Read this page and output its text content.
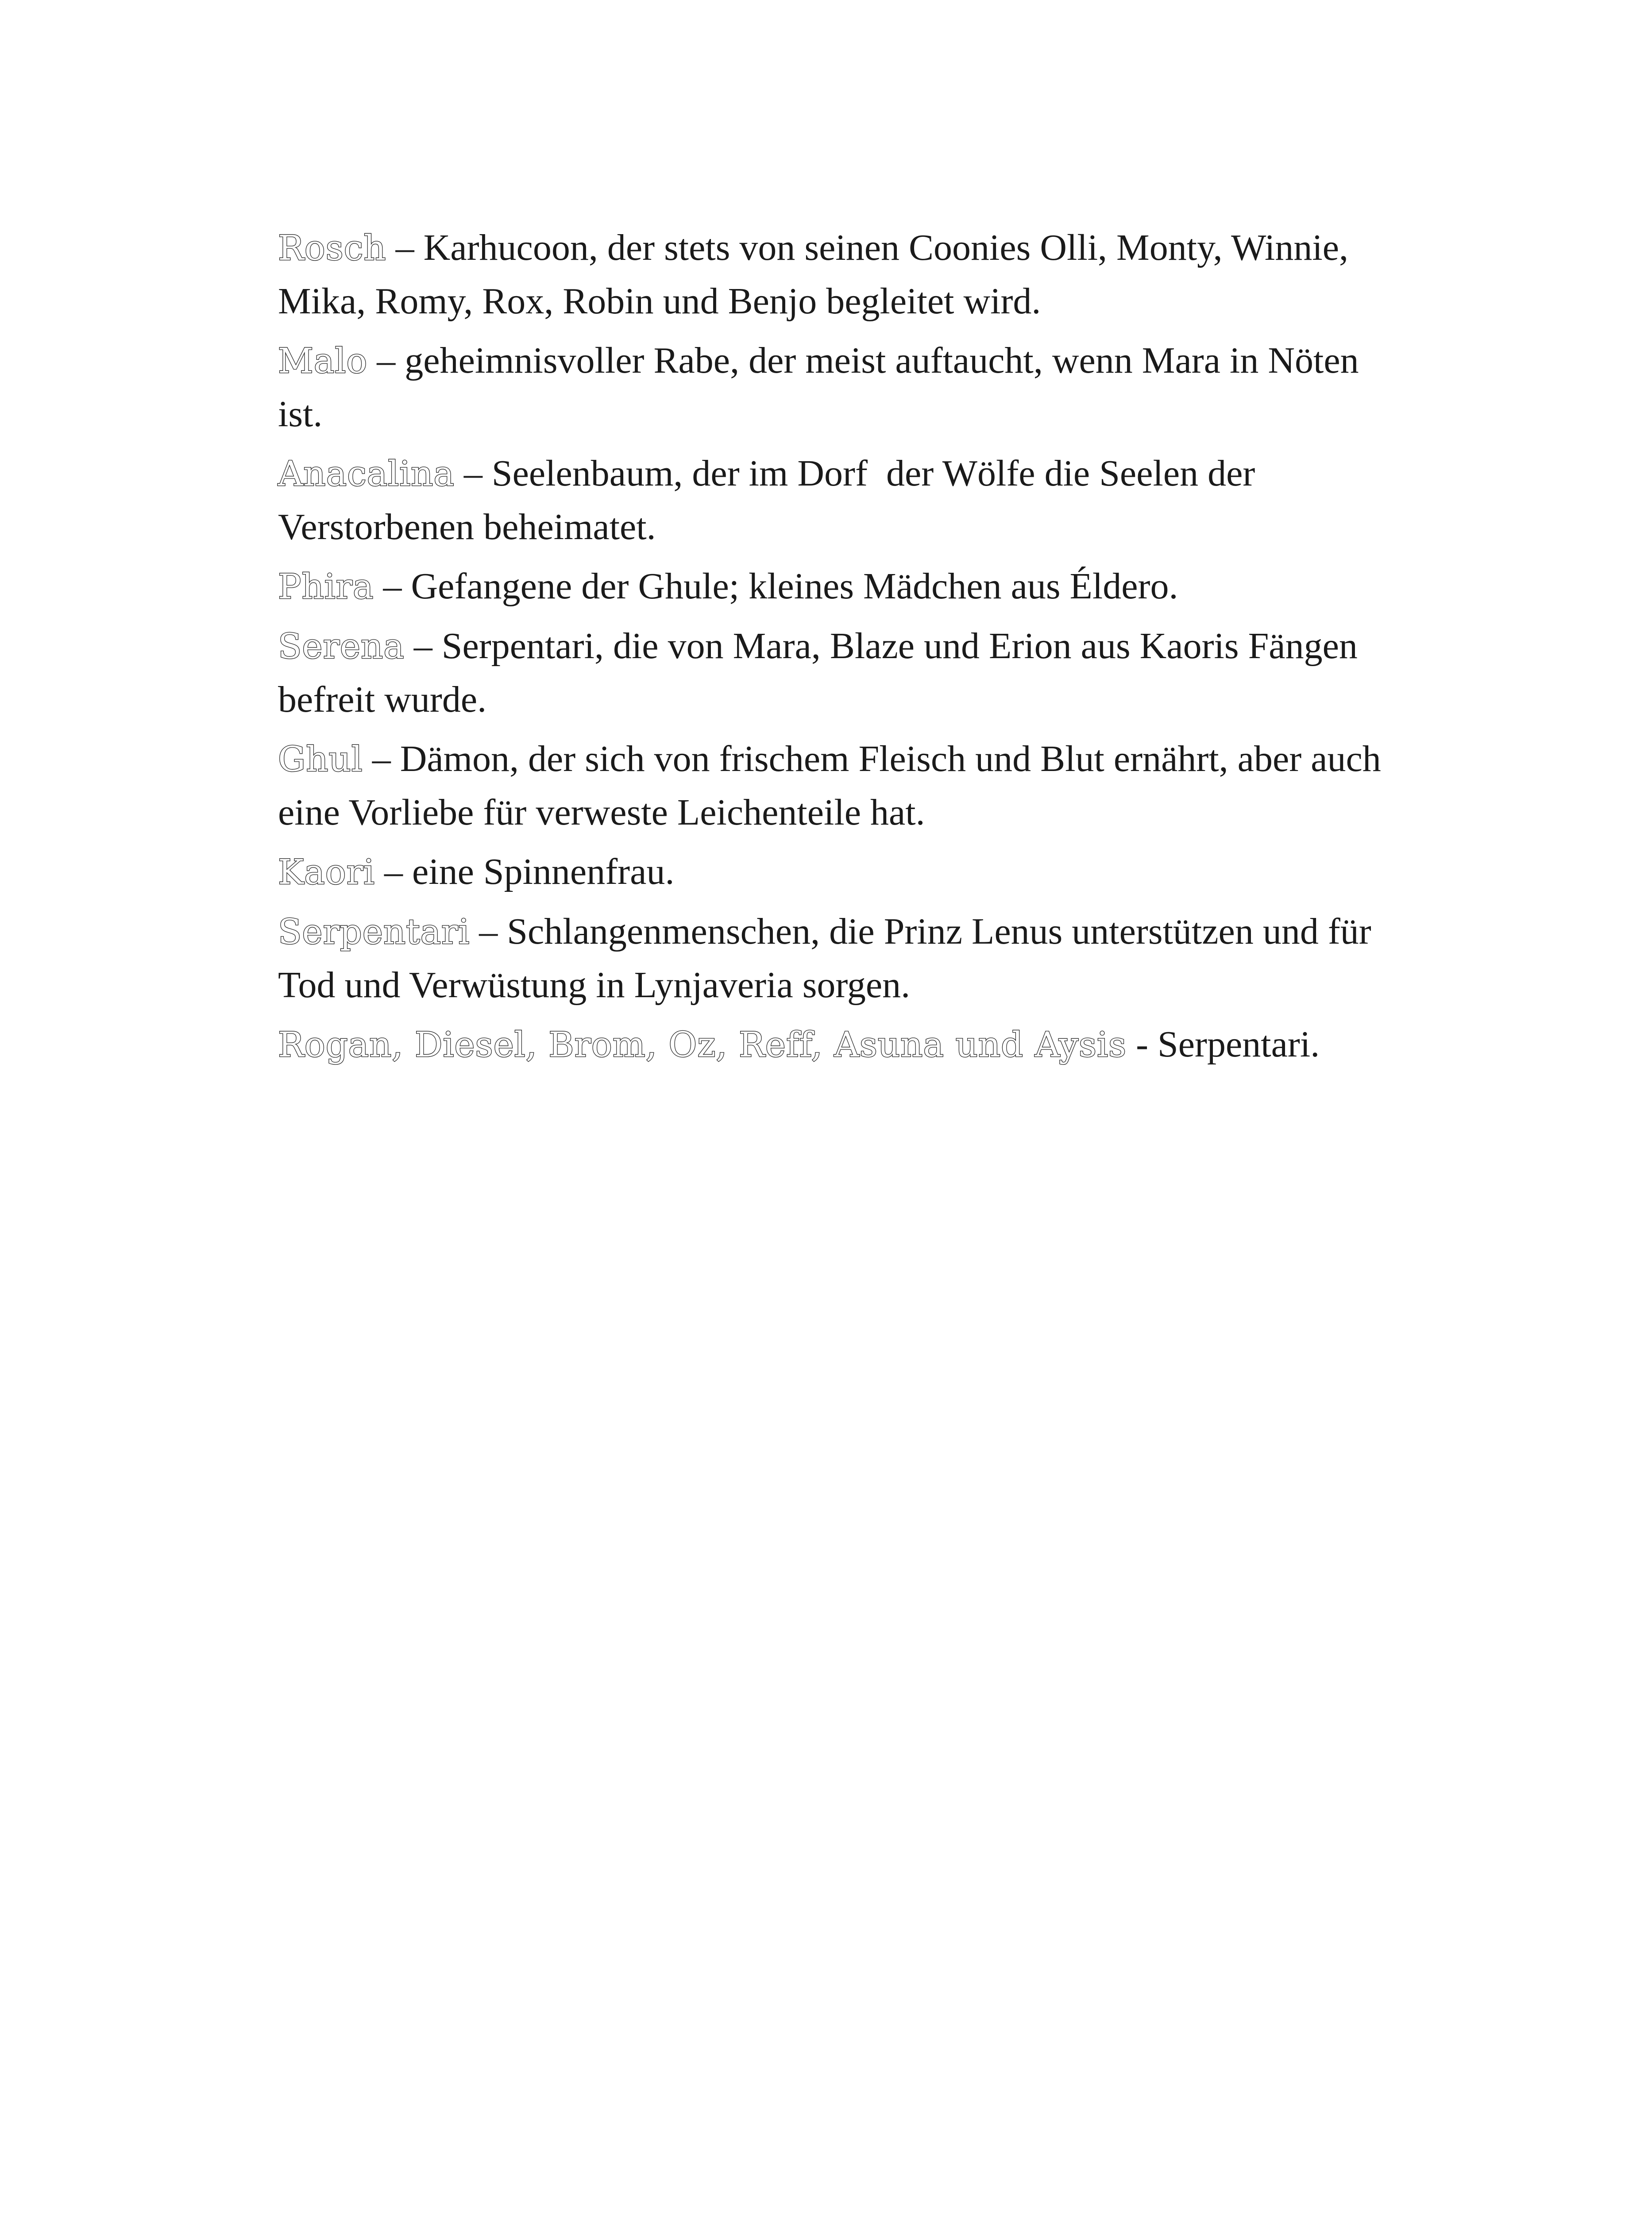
Rosch – Karhucoon, der stets von seinen Coonies Olli, Monty, Winnie, Mika, Romy, Rox, Robin und Benjo begleitet wird.

Malo – geheimnisvoller Rabe, der meist auftaucht, wenn Mara in Nöten ist.

Anacalina – Seelenbaum, der im Dorf  der Wölfe die Seelen der Verstorbenen beheimatet.

Phira – Gefangene der Ghule; kleines Mädchen aus Éldero.

Serena – Serpentari, die von Mara, Blaze und Erion aus Kaoris Fängen befreit wurde.

Ghul – Dämon, der sich von frischem Fleisch und Blut ernährt, aber auch eine Vorliebe für verweste Leichenteile hat.

Kaori – eine Spinnenfrau.

Serpentari – Schlangenmenschen, die Prinz Lenus unterstützen und für Tod und Verwüstung in Lynjaveria sorgen.

Rogan, Diesel, Brom, Oz, Reff, Asuna und Aysis - Serpentari.
